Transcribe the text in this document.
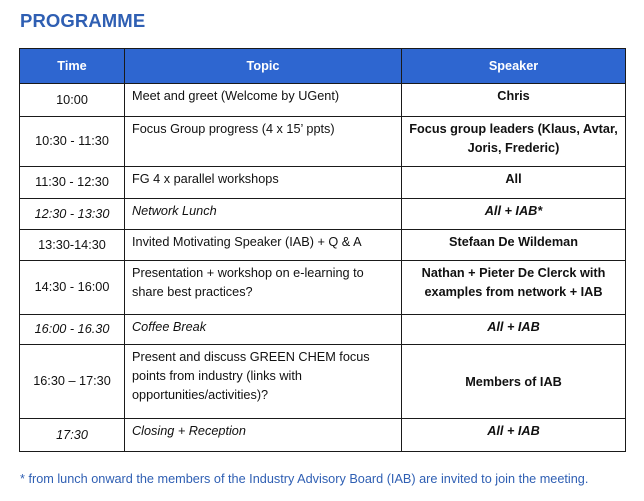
PROGRAMME
Time	Topic	Speaker
10:00	Meet and greet (Welcome by UGent)	Chris
10:30 - 11:30	Focus Group progress (4 x 15’ ppts)	Focus group leaders (Klaus, Avtar, Joris, Frederic)
11:30 - 12:30	FG 4 x parallel workshops	All
12:30 - 13:30	Network Lunch	All + IAB*
13:30-14:30	Invited Motivating Speaker (IAB) + Q & A	Stefaan De Wildeman
14:30 - 16:00	Presentation + workshop on e-learning to share best practices?	Nathan + Pieter De Clerck with examples from network + IAB
16:00 - 16.30	Coffee Break	All + IAB
16:30 – 17:30	Present and discuss GREEN CHEM focus points from industry (links with opportunities/activities)?	Members of IAB
17:30	Closing + Reception	All + IAB
* from lunch onward the members of the Industry Advisory Board (IAB) are invited to join the meeting.
